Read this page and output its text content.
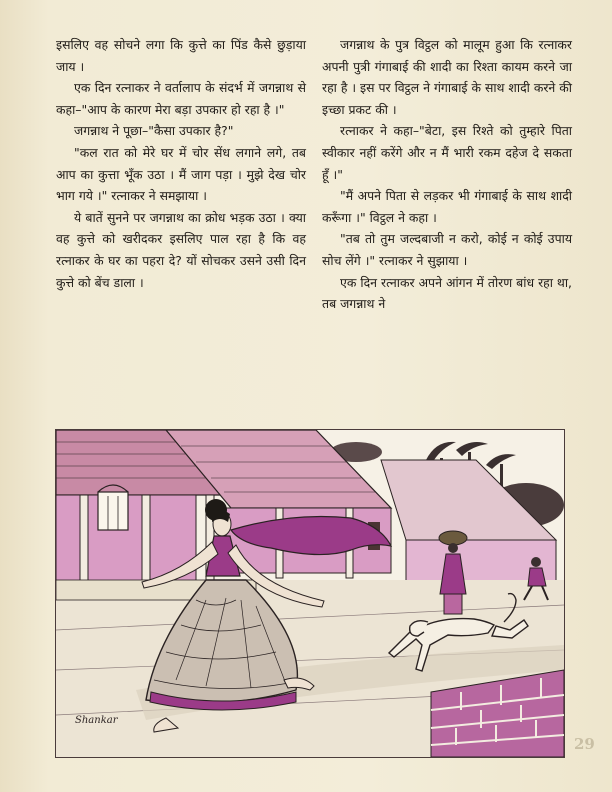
इसलिए वह सोचने लगा कि कुत्ते का पिंड कैसे छुड़ाया जाय ।

एक दिन रत्नाकर ने वर्तालाप के संदर्भ में जगन्नाथ से कहा–"आप के कारण मेरा बड़ा उपकार हो रहा है ।"

जगन्नाथ ने पूछा–"कैसा उपकार है?"

"कल रात को मेरे घर में चोर सेंध लगाने लगे, तब आप का कुत्ता भूँक उठा । मैं जाग पड़ा । मुझे देख चोर भाग गये ।" रत्नाकर ने समझाया ।

ये बातें सुनने पर जगन्नाथ का क्रोध भड़क उठा । क्या वह कुत्ते को खरीदकर इसलिए पाल रहा है कि वह रत्नाकर के घर का पहरा दे? यों सोचकर उसने उसी दिन कुत्ते को बेंच डाला ।

जगन्नाथ के पुत्र विट्ठल को मालूम हुआ कि रत्नाकर अपनी पुत्री गंगाबाई की शादी का रिश्ता कायम करने जा रहा है । इस पर विट्ठल ने गंगाबाई के साथ शादी करने की इच्छा प्रकट की ।

रत्नाकर ने कहा–"बेटा, इस रिश्ते को तुम्हारे पिता स्वीकार नहीं करेंगे और न मैं भारी रकम दहेज दे सकता हूँ ।"

"मैं अपने पिता से लड़कर भी गंगाबाई के साथ शादी करूँगा ।" विट्ठल ने कहा ।

"तब तो तुम जल्दबाजी न करो, कोई न कोई उपाय सोच लेंगे ।" रत्नाकर ने सुझाया ।

एक दिन रत्नाकर अपने आंगन में तोरण बांध रहा था, तब जगन्नाथ ने

Shankar
29
